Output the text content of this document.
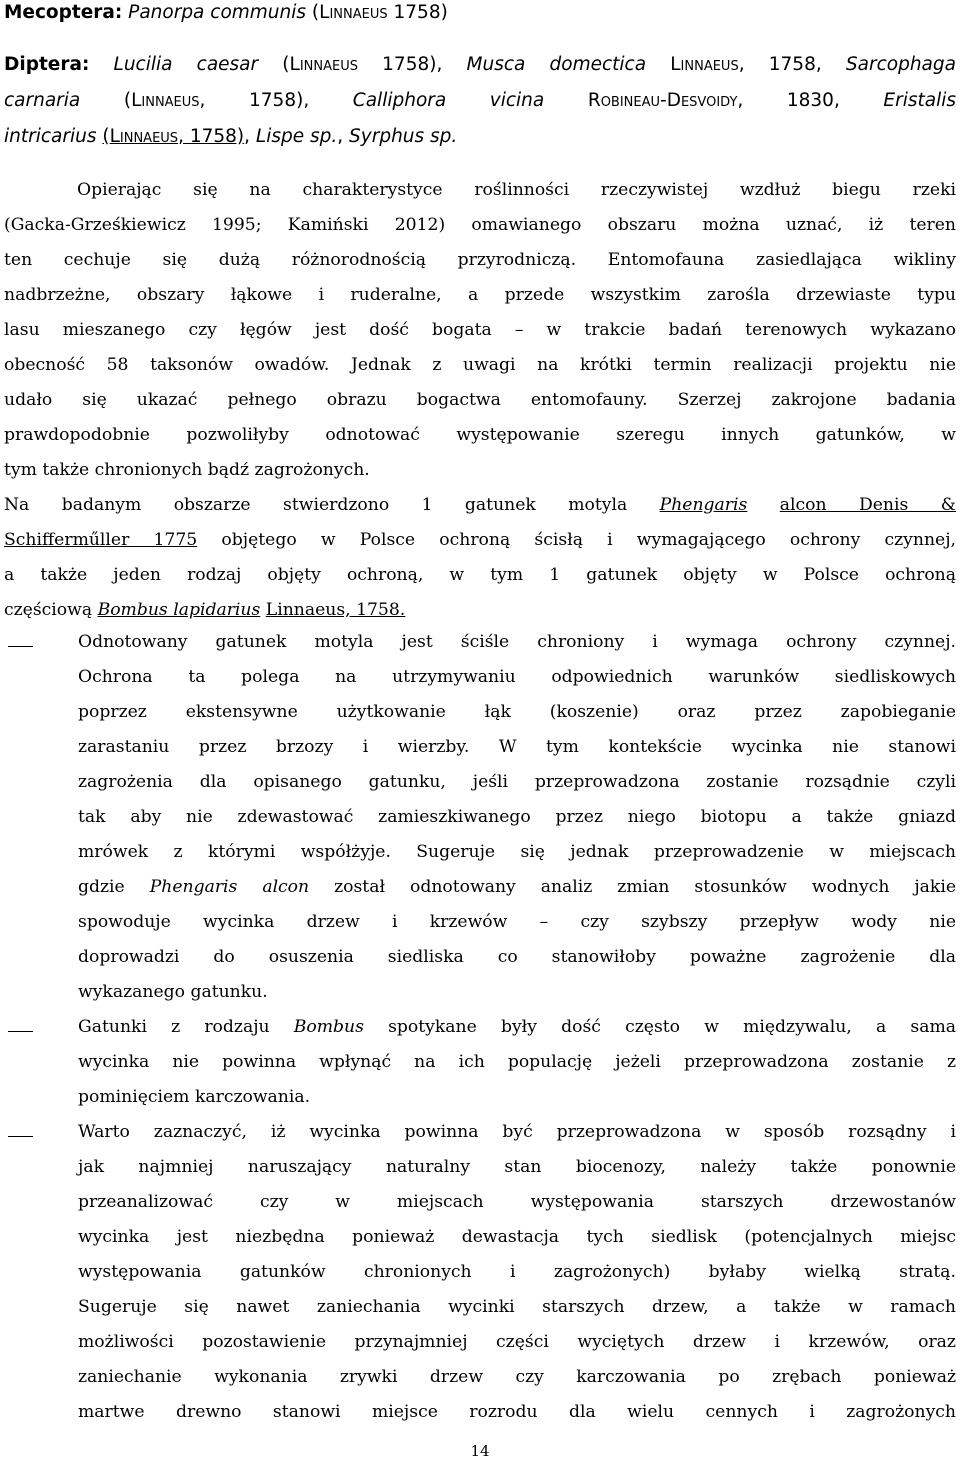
Mecoptera: Panorpa communis (Linnaeus 1758)
Diptera: Lucilia caesar (Linnaeus 1758), Musca domectica Linnaeus, 1758, Sarcophaga
carnaria (Linnaeus, 1758), Calliphora vicina Robineau-Desvoidy, 1830, Eristalis
intricarius (Linnaeus, 1758), Lispe sp., Syrphus sp.
Opierając się na charakterystyce roślinności rzeczywistej wzdłuż biegu rzeki
(Gacka-Grześkiewicz 1995; Kamiński 2012) omawianego obszaru można uznać, iż teren
ten cechuje się dużą różnorodnością przyrodniczą. Entomofauna zasiedlająca wikliny
nadbrzeżne, obszary łąkowe i ruderalne, a przede wszystkim zarośla drzewiaste typu
lasu mieszanego czy łęgów jest dość bogata – w trakcie badań terenowych wykazano
obecność 58 taksonów owadów. Jednak z uwagi na krótki termin realizacji projektu nie
udało się ukazać pełnego obrazu bogactwa entomofauny. Szerzej zakrojone badania
prawdopodobnie pozwoliłyby odnotować występowanie szeregu innych gatunków, w
tym także chronionych bądź zagrożonych.
Na badanym obszarze stwierdzono 1 gatunek motyla Phengaris alcon Denis &
Schifferműller 1775 objętego w Polsce ochroną ścisłą i wymagającego ochrony czynnej,
a także jeden rodzaj objęty ochroną, w tym 1 gatunek objęty w Polsce ochroną
częściową Bombus lapidarius Linnaeus, 1758.
Odnotowany gatunek motyla jest ściśle chroniony i wymaga ochrony czynnej.
Ochrona ta polega na utrzymywaniu odpowiednich warunków siedliskowych
poprzez ekstensywne użytkowanie łąk (koszenie) oraz przez zapobieganie
zarastaniu przez brzozy i wierzby. W tym kontekście wycinka nie stanowi
zagrożenia dla opisanego gatunku, jeśli przeprowadzona zostanie rozsądnie czyli
tak aby nie zdewastować zamieszkiwanego przez niego biotopu a także gniazd
mrówek z którymi współżyje. Sugeruje się jednak przeprowadzenie w miejscach
gdzie Phengaris alcon został odnotowany analiz zmian stosunków wodnych jakie
spowoduje wycinka drzew i krzewów – czy szybszy przepływ wody nie
doprowadzi do osuszenia siedliska co stanowiłoby poważne zagrożenie dla
wykazanego gatunku.
Gatunki z rodzaju Bombus spotykane były dość często w międzywalu, a sama
wycinka nie powinna wpłynąć na ich populację jeżeli przeprowadzona zostanie z
pominięciem karczowania.
Warto zaznaczyć, iż wycinka powinna być przeprowadzona w sposób rozsądny i
jak najmniej naruszający naturalny stan biocenozy, należy także ponownie
przeanalizować czy w miejscach występowania starszych drzewostanów
wycinka jest niezbędna ponieważ dewastacja tych siedlisk (potencjalnych miejsc
występowania gatunków chronionych i zagrożonych) byłaby wielką stratą.
Sugeruje się nawet zaniechania wycinki starszych drzew, a także w ramach
możliwości pozostawienie przynajmniej części wyciętych drzew i krzewów, oraz
zaniechanie wykonania zrywki drzew czy karczowania po zrębach ponieważ
martwe drewno stanowi miejsce rozrodu dla wielu cennych i zagrożonych
14
